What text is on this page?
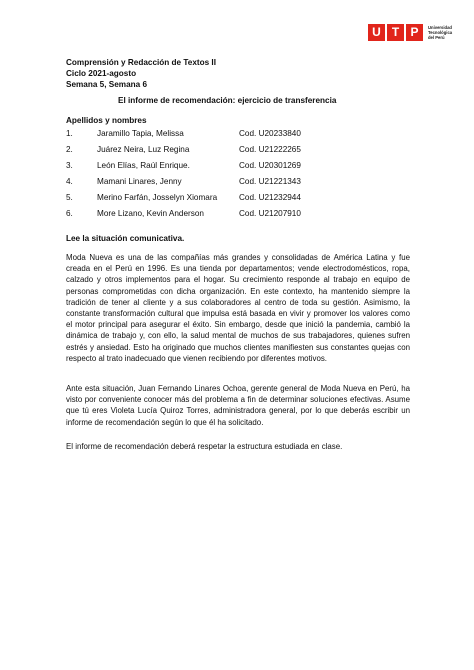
U T P	Universidad
Tecnológica
del Perú
Comprensión y Redacción de Textos II
Ciclo 2021-agosto
Semana 5, Semana 6
El informe de recomendación: ejercicio de transferencia
Apellidos y nombres
1.	Jaramillo Tapia, Melissa	Cod. U20233840
2.	Juárez Neira, Luz Regina	Cod. U21222265
3.	León Elías, Raúl Enrique.	Cod. U20301269
4.	Mamani Linares, Jenny	Cod. U21221343
5.	Merino Farfán, Josselyn Xiomara	Cod. U21232944
6.	More Lizano, Kevin Anderson	Cod. U21207910
Lee la situación comunicativa.

Moda Nueva es una de las compañías más grandes y consolidadas de América Latina y fue creada en el Perú en 1996. Es una tienda por departamentos; vende electrodomésticos, ropa, calzado y otros implementos para el hogar. Su crecimiento responde al trabajo en equipo de personas comprometidas con dicha organización. En este contexto, ha mantenido siempre la tradición de tener al cliente y a sus colaboradores al centro de toda su gestión. Asimismo, la constante transformación cultural que impulsa está basada en vivir y promover los valores como el motor principal para asegurar el éxito. Sin embargo, desde que inició la pandemia, cambió la dinámica de trabajo y, con ello, la salud mental de muchos de sus trabajadores, quienes sufren estrés y ansiedad. Esto ha originado que muchos clientes manifiesten sus constantes quejas con respecto al trato inadecuado que vienen recibiendo por diferentes motivos.

Ante esta situación, Juan Fernando Linares Ochoa, gerente general de Moda Nueva en Perú, ha visto por conveniente conocer más del problema a fin de determinar soluciones efectivas. Asume que tú eres Violeta Lucía Quiroz Torres, administradora general, por lo que deberás escribir un informe de recomendación según lo que él ha solicitado.

El informe de recomendación deberá respetar la estructura estudiada en clase.
